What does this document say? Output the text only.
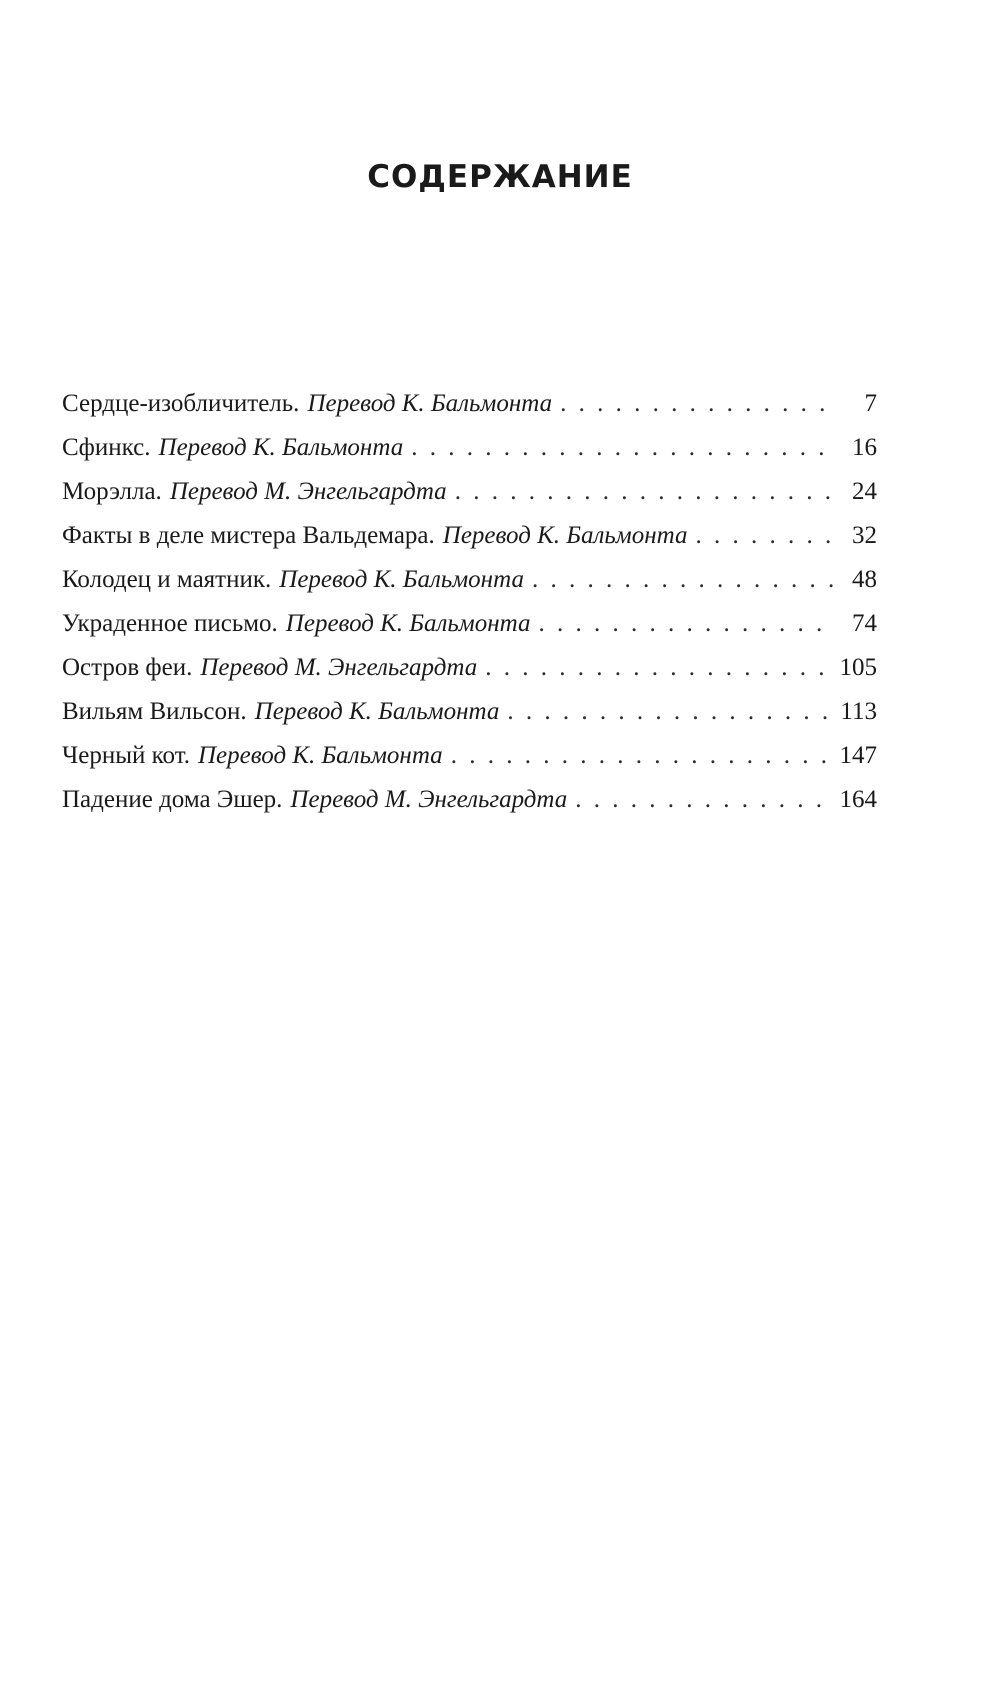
СОДЕРЖАНИЕ
Сердце-изобличитель. Перевод К. Бальмонта . . .	7
Сфинкс. Перевод К. Бальмонта . . .	16
Морэлла. Перевод М. Энгельгардта . . .	24
Факты в деле мистера Вальдемара. Перевод К. Бальмонта . . .	32
Колодец и маятник. Перевод К. Бальмонта . . .	48
Украденное письмо. Перевод К. Бальмонта . . .	74
Остров феи. Перевод М. Энгельгардта . . .	105
Вильям Вильсон. Перевод К. Бальмонта . . .	113
Черный кот. Перевод К. Бальмонта . . .	147
Падение дома Эшер. Перевод М. Энгельгардта . . .	164
